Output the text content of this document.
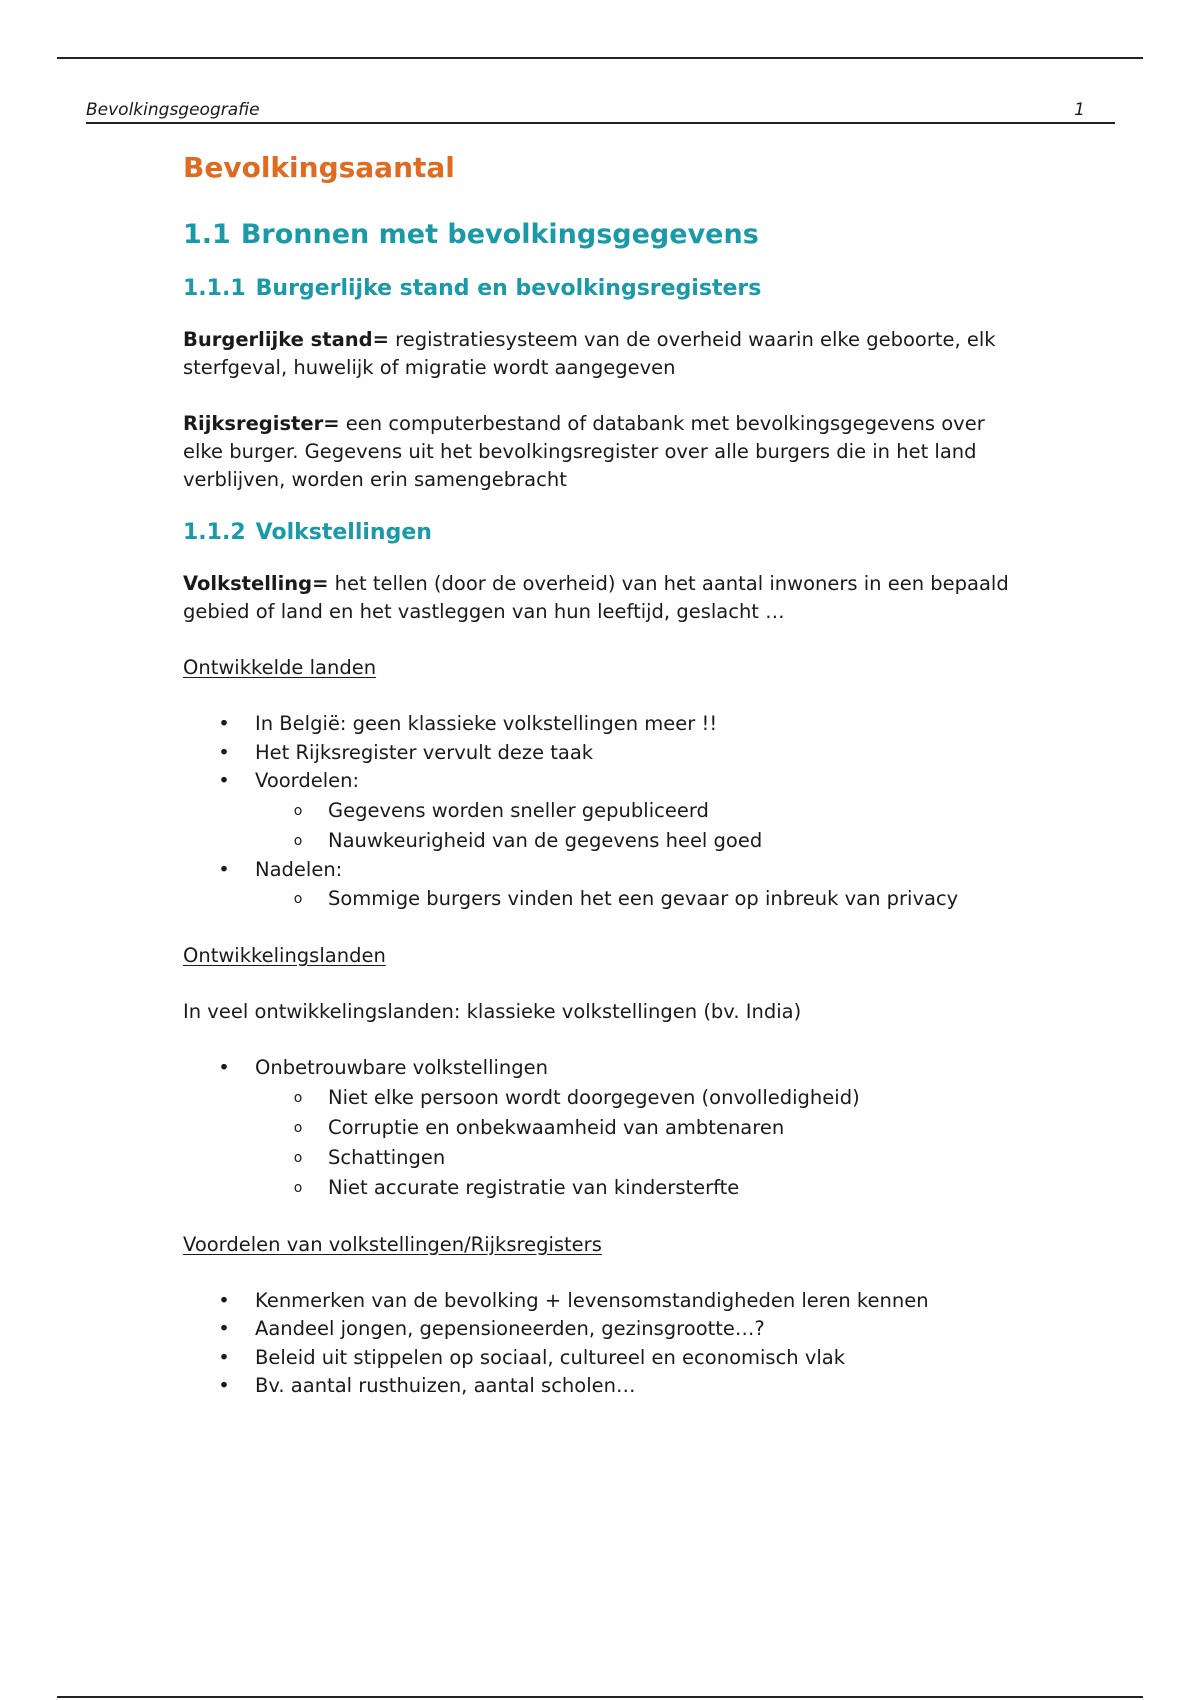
Bevolkingsgeografie	1
Bevolkingsaantal
1.1 Bronnen met bevolkingsgegevens
1.1.1 Burgerlijke stand en bevolkingsregisters

Burgerlijke stand= registratiesysteem van de overheid waarin elke geboorte, elk sterfgeval, huwelijk of migratie wordt aangegeven

Rijksregister= een computerbestand of databank met bevolkingsgegevens over elke burger. Gegevens uit het bevolkingsregister over alle burgers die in het land verblijven, worden erin samengebracht

1.1.2 Volkstellingen

Volkstelling= het tellen (door de overheid) van het aantal inwoners in een bepaald gebied of land en het vastleggen van hun leeftijd, geslacht …

Ontwikkelde landen

• In België: geen klassieke volkstellingen meer !!
• Het Rijksregister vervult deze taak
• Voordelen:
o Gegevens worden sneller gepubliceerd
o Nauwkeurigheid van de gegevens heel goed
• Nadelen:
o Sommige burgers vinden het een gevaar op inbreuk van privacy

Ontwikkelingslanden

In veel ontwikkelingslanden: klassieke volkstellingen (bv. India)

• Onbetrouwbare volkstellingen
o Niet elke persoon wordt doorgegeven (onvolledigheid)
o Corruptie en onbekwaamheid van ambtenaren
o Schattingen
o Niet accurate registratie van kindersterfte

Voordelen van volkstellingen/Rijksregisters

• Kenmerken van de bevolking + levensomstandigheden leren kennen
• Aandeel jongen, gepensioneerden, gezinsgrootte…?
• Beleid uit stippelen op sociaal, cultureel en economisch vlak
• Bv. aantal rusthuizen, aantal scholen…
